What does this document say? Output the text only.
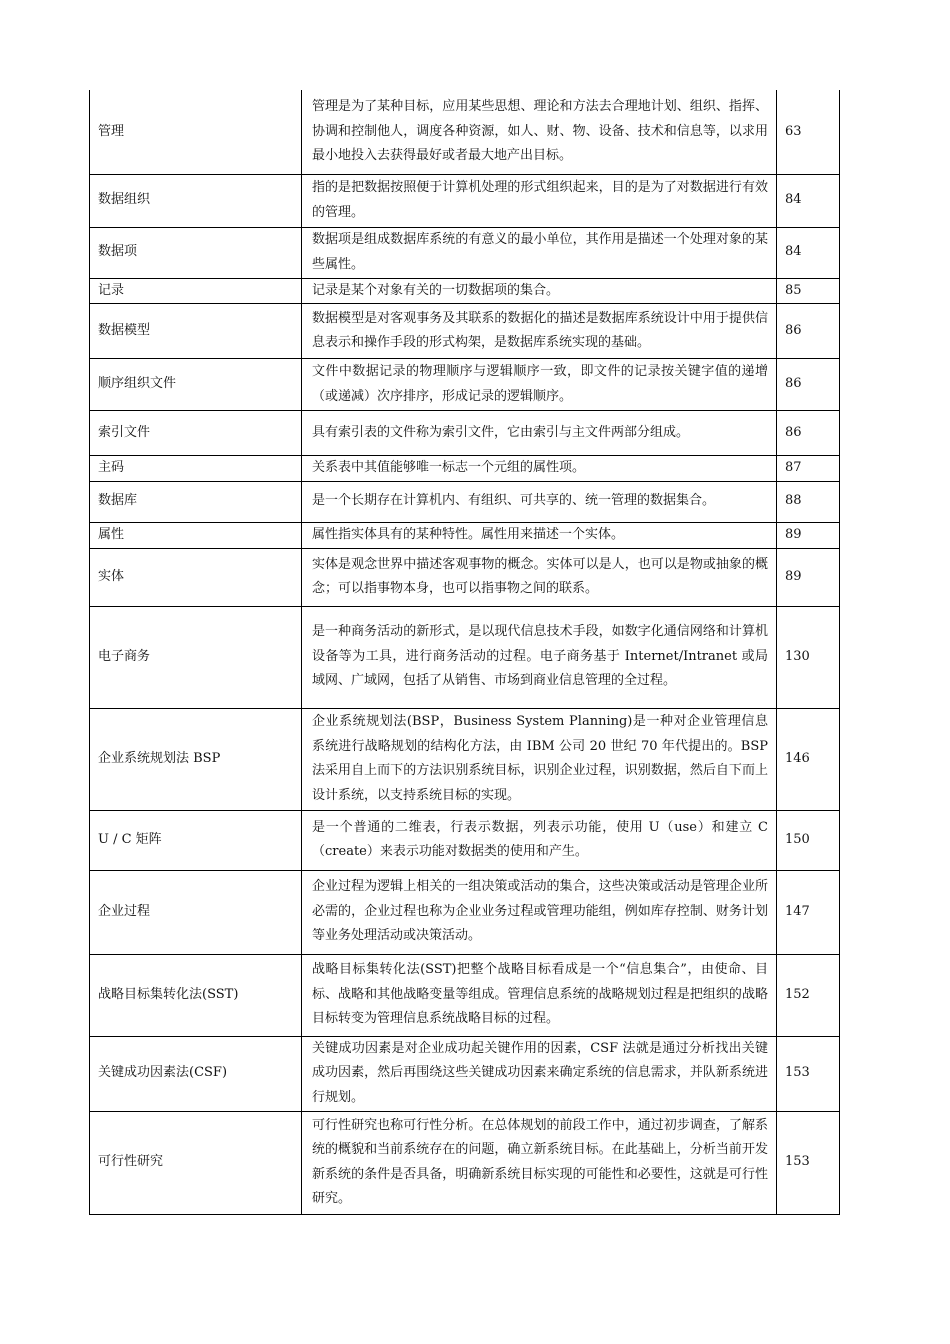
管理	管理是为了某种目标，应用某些思想、理论和方法去合理地计划、组织、指挥、协调和控制他人，调度各种资源，如人、财、物、设备、技术和信息等，以求用最小地投入去获得最好或者最大地产出目标。	63
数据组织	指的是把数据按照便于计算机处理的形式组织起来，目的是为了对数据进行有效的管理。	84
数据项	数据项是组成数据库系统的有意义的最小单位，其作用是描述一个处理对象的某些属性。	84
记录	记录是某个对象有关的一切数据项的集合。	85
数据模型	数据模型是对客观事务及其联系的数据化的描述是数据库系统设计中用于提供信息表示和操作手段的形式构架，是数据库系统实现的基础。	86
顺序组织文件	文件中数据记录的物理顺序与逻辑顺序一致，即文件的记录按关键字值的递增（或递减）次序排序，形成记录的逻辑顺序。	86
索引文件	具有索引表的文件称为索引文件，它由索引与主文件两部分组成。	86
主码	关系表中其值能够唯一标志一个元组的属性项。	87
数据库	是一个长期存在计算机内、有组织、可共享的、统一管理的数据集合。	88
属性	属性指实体具有的某种特性。属性用来描述一个实体。	89
实体	实体是观念世界中描述客观事物的概念。实体可以是人，也可以是物或抽象的概念；可以指事物本身，也可以指事物之间的联系。	89
电子商务	是一种商务活动的新形式，是以现代信息技术手段，如数字化通信网络和计算机设备等为工具，进行商务活动的过程。电子商务基于 Internet/Intranet 或局域网、广域网，包括了从销售、市场到商业信息管理的全过程。	130
企业系统规划法 BSP	企业系统规划法(BSP，Business System Planning)是一种对企业管理信息系统进行战略规划的结构化方法，由 IBM 公司 20 世纪 70 年代提出的。BSP 法采用自上而下的方法识别系统目标，识别企业过程，识别数据，然后自下而上设计系统，以支持系统目标的实现。	146
U / C 矩阵	是一个普通的二维表，行表示数据，列表示功能，使用 U（use）和建立 C（create）来表示功能对数据类的使用和产生。	150
企业过程	企业过程为逻辑上相关的一组决策或活动的集合，这些决策或活动是管理企业所必需的，企业过程也称为企业业务过程或管理功能组，例如库存控制、财务计划等业务处理活动或决策活动。	147
战略目标集转化法(SST)	战略目标集转化法(SST)把整个战略目标看成是一个“信息集合”，由使命、目标、战略和其他战略变量等组成。管理信息系统的战略规划过程是把组织的战略目标转变为管理信息系统战略目标的过程。	152
关键成功因素法(CSF)	关键成功因素是对企业成功起关键作用的因素，CSF 法就是通过分析找出关键成功因素，然后再围绕这些关键成功因素来确定系统的信息需求，并队新系统进行规划。	153
可行性研究	可行性研究也称可行性分析。在总体规划的前段工作中，通过初步调查，了解系统的概貌和当前系统存在的问题，确立新系统目标。在此基础上，分析当前开发新系统的条件是否具备，明确新系统目标实现的可能性和必要性，这就是可行性研究。	153
